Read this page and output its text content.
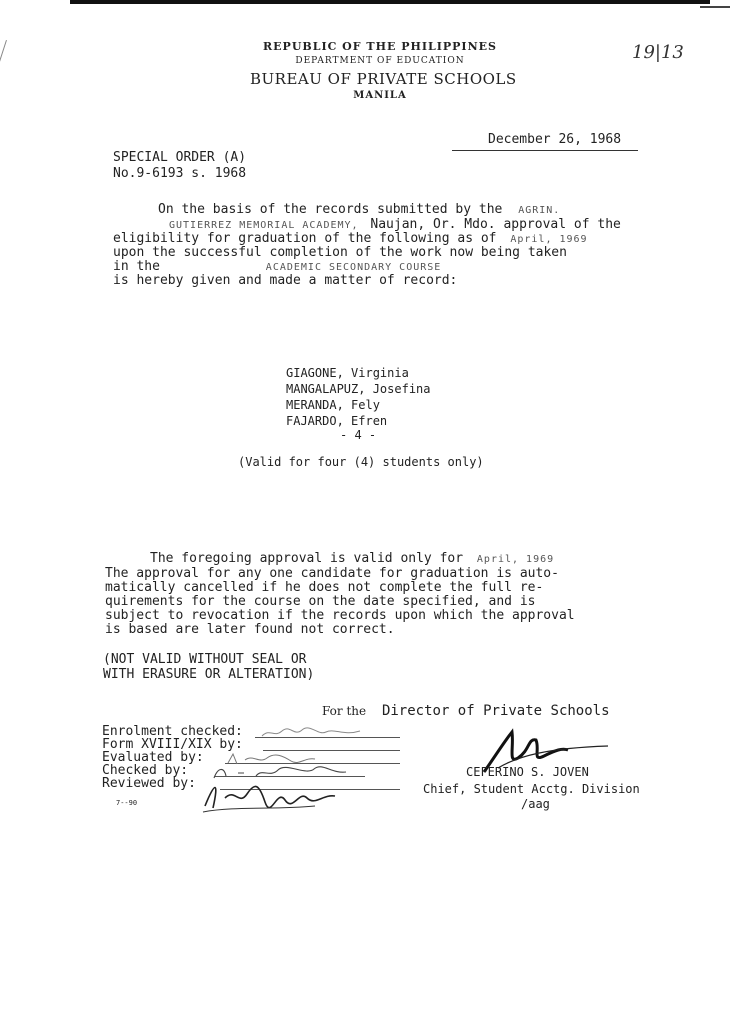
REPUBLIC OF THE PHILIPPINES
DEPARTMENT OF EDUCATION
BUREAU OF PRIVATE SCHOOLS
MANILA
19|13
December 26, 1968
SPECIAL ORDER (A)
No.9-6193 s. 1968
On the basis of the records submitted by the AGRIN.
GUTIERREZ MEMORIAL ACADEMY, Naujan, Or. Mdo. approval of the
eligibility for graduation of the following as of April, 1969
upon the successful completion of the work now being taken
in the	ACADEMIC SECONDARY COURSE
is hereby given and made a matter of record:
GIAGONE, Virginia
MANGALAPUZ, Josefina
MERANDA, Fely
FAJARDO, Efren
- 4 -
(Valid for four (4) students only)
The foregoing approval is valid only for April, 1969
The approval for any one candidate for graduation is auto-
matically cancelled if he does not complete the full re-
quirements for the course on the date specified, and is
subject to revocation if the records upon which the approval
is based are later found not correct.
(NOT VALID WITHOUT SEAL OR
WITH ERASURE OR ALTERATION)
For the Director of Private Schools
Enrolment checked:
Form XVIII/XIX by:
Evaluated by:
Checked by:
Reviewed by:
7--90
CEFERINO S. JOVEN
Chief, Student Acctg. Division
/aag
